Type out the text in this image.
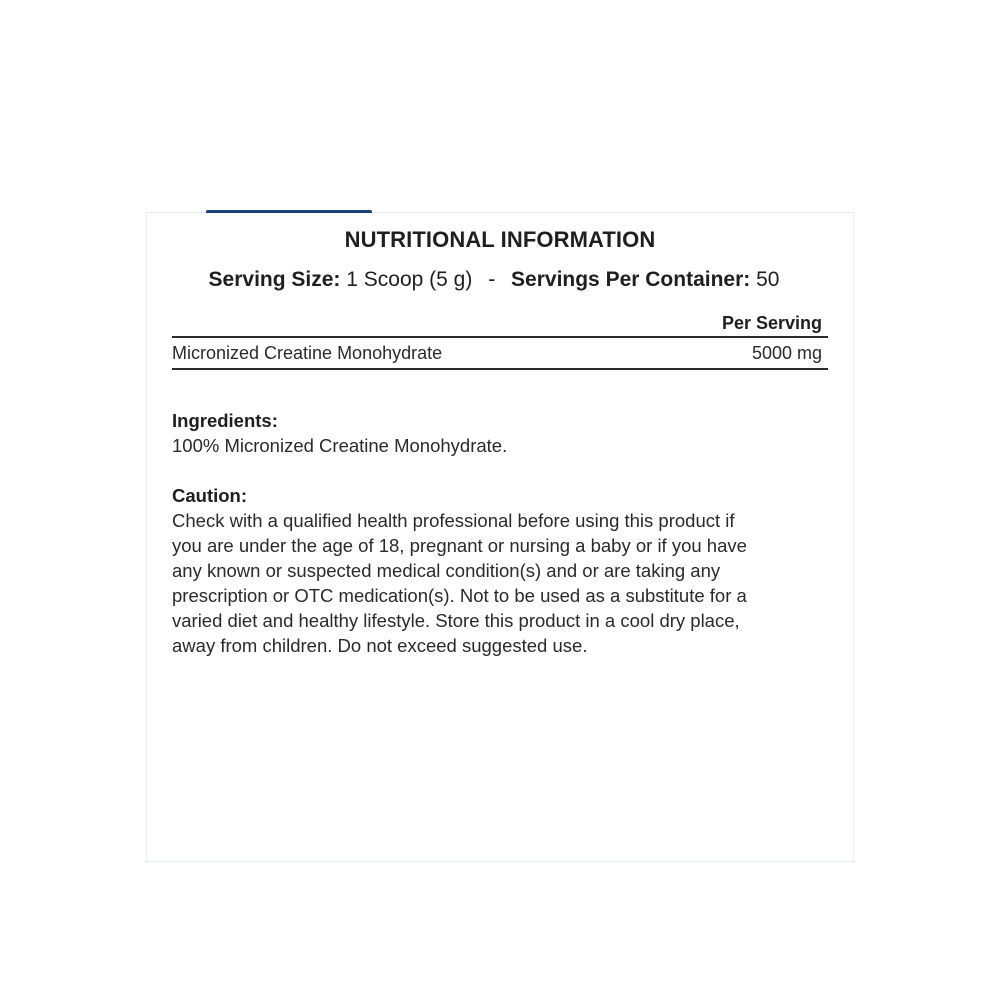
NUTRITIONAL INFORMATION
Serving Size: 1 Scoop (5 g) - Servings Per Container: 50
Per Serving
Micronized Creatine Monohydrate	5000 mg
Ingredients:
100% Micronized Creatine Monohydrate.
Caution:
Check with a qualified health professional before using this product if
you are under the age of 18, pregnant or nursing a baby or if you have
any known or suspected medical condition(s) and or are taking any
prescription or OTC medication(s). Not to be used as a substitute for a
varied diet and healthy lifestyle. Store this product in a cool dry place,
away from children. Do not exceed suggested use.
